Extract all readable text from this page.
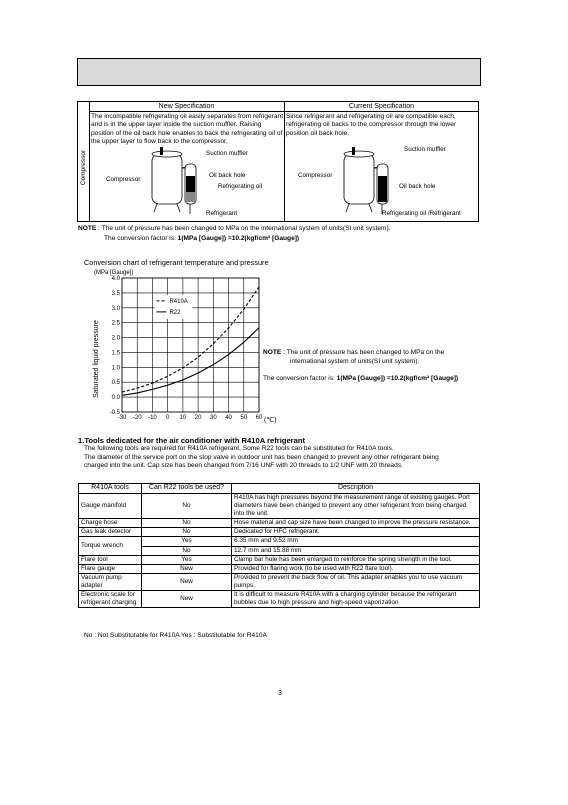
New Specification	Current Specification
Compressor
The incompatible refrigerating oil easily separates from refrigerant and is in the upper layer inside the suction muffler. Raising position of the oil back hole enables to back the refrigerating oil of the upper layer to flow back to the compressor.
Since refrigerant and refrigerating oil are compatible each, refrigerating oil backs to the compressor through the lower position oil back hole.
Suction muffler
Compressor
Oil back hole
Refrigerating oil
Refrigerant
Suction muffler
Compressor
Oil back hole
Refrigerating oil /Refrigerant
NOTE : The unit of pressure has been changed to MPa on the international system of units(SI unit system).
The conversion factor is: 1(MPa [Gauge]) =10.2(kgf/cm² [Gauge])
Conversion chart of refrigerant temperature and pressure
-30 -20 -10 0 10 20 30 40 50 60
-0.5
0.0
0.5
1.0
1.5
2.0
2.5
3.0
3.5
4.0
R410A
R22
(MPa [Gauge])
(℃)
Saturated liquid pressure	NOTE : The unit of pressure has been changed to MPa on the
international system of units(SI unit system).
The conversion factor is: 1(MPa [Gauge]) =10.2(kgf/cm² [Gauge])
1.Tools dedicated for the air conditioner with R410A refrigerant
The following tools are required for R410A refrigerant. Some R22 tools can be substituted for R410A tools.
The diameter of the service port on the stop valve in outdoor unit has been changed to prevent any other refrigerant being
charged into the unit. Cap size has been changed from 7/16 UNF with 20 threads to 1/2 UNF with 20 threads.
R410A tools	Can R22 tools be used?	Description
Gauge manifold	No	R410A has high pressures beyond the measurement range of existing gauges. Port diameters have been changed to prevent any other refrigerant from being charged into the unit.
Charge hose	No	Hose material and cap size have been changed to improve the pressure resistance.
Gas leak detector	No	Dedicated for HFC refrigerant.
Torque wrench	Yes	6.35 mm and 9.52 mm
	No	12.7 mm and 15.88 mm
Flare tool	Yes	Clamp bar hole has been enlarged to reinforce the spring strength in the tool.
Flare gauge	New	Provided for flaring work (to be used with R22 flare tool).
Vacuum pump adapter	New	Provided to prevent the back flow of oil. This adapter enables you to use vacuum pumps.
Electronic scale for refrigerant charging	New	It is difficult to measure R410A with a charging cylinder because the refrigerant bubbles due to high pressure and high-speed vaporization
No : Not Substitutable for R410A Yes : Substitutable for R410A
3
